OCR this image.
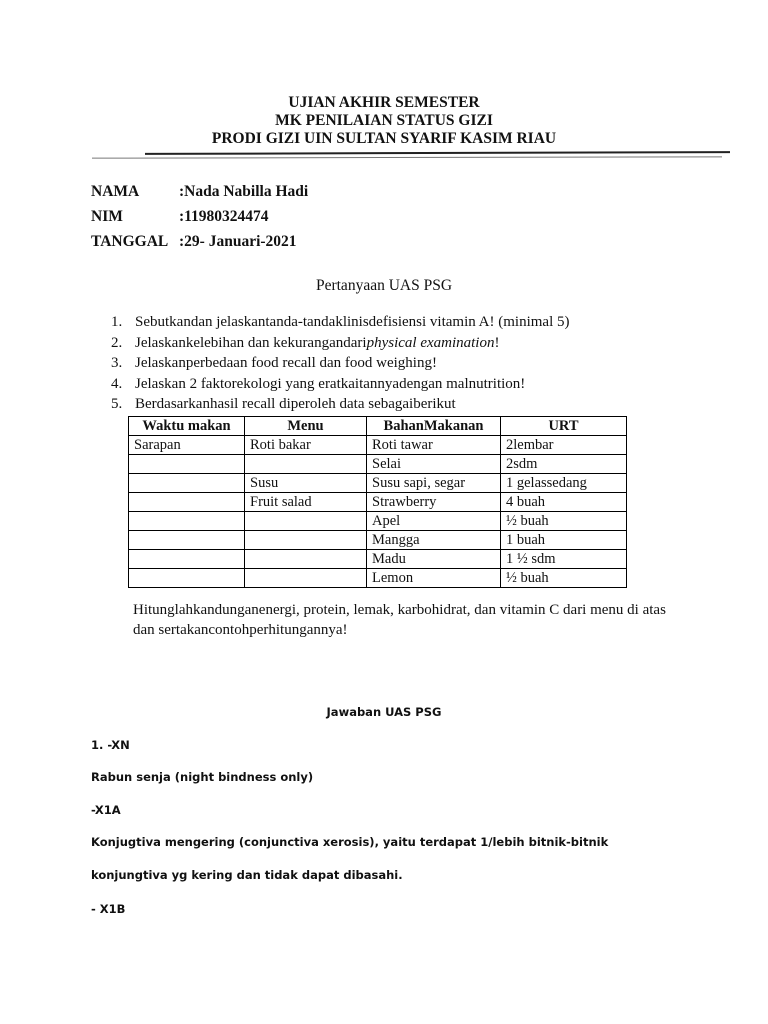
UJIAN AKHIR SEMESTER
MK PENILAIAN STATUS GIZI
PRODI GIZI UIN SULTAN SYARIF KASIM RIAU
NAMA	:Nada Nabilla Hadi
NIM	:11980324474
TANGGAL :29- Januari-2021
Pertanyaan UAS PSG
1. Sebutkandan jelaskantanda-tandaklinisdefisiensi vitamin A! (minimal 5)
2. Jelaskankelebihan dan kekurangandariphysical examination!
3. Jelaskanperbedaan food recall dan food weighing!
4. Jelaskan 2 faktorekologi yang eratkaitannyadengan malnutrition!
5. Berdasarkanhasil recall diperoleh data sebagaiberikut
Waktu makan	Menu	BahanMakanan	URT
Sarapan	Roti bakar	Roti tawar	2lembar
		Selai	2sdm
	Susu	Susu sapi, segar	1 gelassedang
	Fruit salad	Strawberry	4 buah
		Apel	½ buah
		Mangga	1 buah
		Madu	1 ½ sdm
		Lemon	½ buah
Hitunglahkandunganenergi, protein, lemak, karbohidrat, dan vitamin C dari menu di atas
dan sertakancontohperhitungannya!
Jawaban UAS PSG
1. -XN
Rabun senja (night bindness only)
-X1A
Konjugtiva mengering (conjunctiva xerosis), yaitu terdapat 1/lebih bitnik-bitnik
konjungtiva yg kering dan tidak dapat dibasahi.
- X1B
